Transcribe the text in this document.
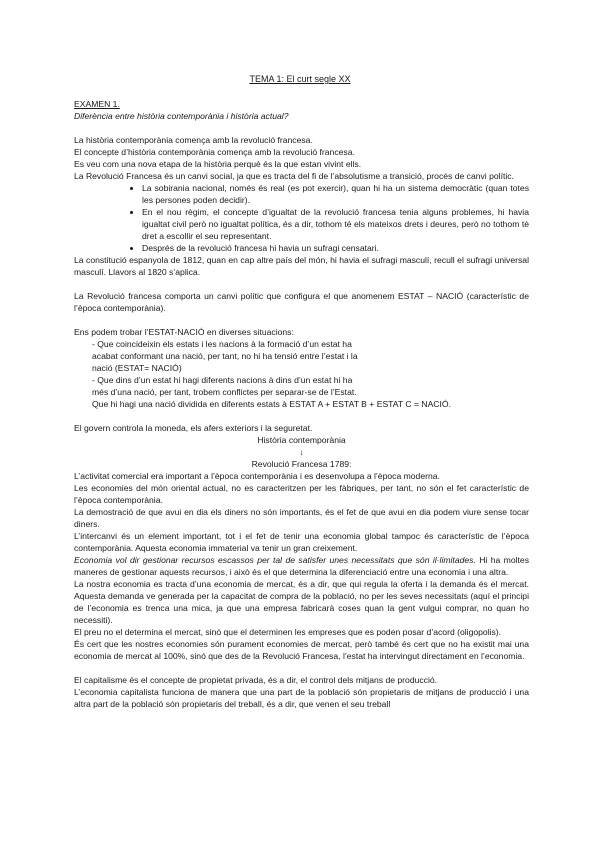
TEMA 1: El curt segle XX

EXAMEN 1.

Diferència entre història contemporània i història actual?

La història contemporània comença amb la revolució francesa.

El concepte d’història contemporània comença amb la revolució francesa.

Es veu com una nova etapa de la història perquè és la que estan vivint ells.

La Revolució Francesa és un canvi social, ja que es tracta del fi de l’absolutisme a transició, procés de canvi polític.

• La sobirania nacional, només és real (es pot exercir), quan hi ha un sistema democràtic (quan totes les persones poden decidir).
• En el nou règim, el concepte d’igualtat de la revolució francesa tenia alguns problemes, hi havia igualtat civil però no igualtat política, és a dir, tothom té els mateixos drets i deures, però no tothom tè dret a escollir el seu representant.
• Després de la revolució francesa hi havia un sufragi censatari.

La constitució espanyola de 1812, quan en cap altre país del món, hi havia el sufragi masculí, recull el sufragi universal masculí. Llavors al 1820 s’aplica.

La Revolució francesa comporta un canvi polític que configura el que anomenem ESTAT – NACIÓ (característic de l’època contemporània).

Ens podem trobar l’ESTAT-NACIÓ en diverses situacions:

- Que coincideixin els estats i les nacions à la formació d’un estat ha

acabat conformant una nació, per tant, no hi ha tensió entre l’estat i la

nació (ESTAT= NACIÓ)

- Que dins d’un estat hi hagi diferents nacions à dins d’un estat hi ha

més d’una nació, per tant, trobem conflictes per separar-se de l’Estat.

Que hi hagi una nació dividida en diferents estats à ESTAT A + ESTAT B + ESTAT C = NACIÓ.

El govern controla la moneda, els afers exteriors i la seguretat.

Història contemporània

↓

Revolució Francesa 1789:

L’activitat comercial era important a l’època contemporània i es desenvolupa a l’època moderna.

Les economies del món oriental actual, no es caracteritzen per les fàbriques, per tant, no són el fet característic de l’època contemporània.

La demostració de que avui en dia els diners no són importants, és el fet de que avui en dia podem viure sense tocar diners.

L’intercanvi és un element important, tot i el fet de tenir una economia global tampoc és característic de l’època contemporània. Aquesta economia immaterial va tenir un gran creixement.

Economia vol dir gestionar recursos escassos per tal de satisfer unes necessitats que són il·limitades. Hi ha moltes maneres de gestionar aquests recursos, i això és el que determina la diferenciació entre una economia i una altra.

La nostra economia es tracta d’una economia de mercat, és a dir, que qui regula la oferta i la demanda és el mercat. Aquesta demanda ve generada per la capacitat de compra de la població, no per les seves necessitats (aquí el principi de l’economia es trenca una mica, ja que una empresa fabricarà coses quan la gent vulgui comprar, no quan ho necessiti).

El preu no el determina el mercat, sinó que el determinen les empreses que es poden posar d’acord (oligopolis).

És cert que les nostres economies són purament economies de mercat, però també és cert que no ha existit mai una economia de mercat al 100%, sinó que des de la Revolució Francesa, l’estat ha intervingut directament en l’economia.

El capitalisme és el concepte de propietat privada, és a dir, el control dels mitjans de producció.

L’economia capitalista funciona de manera que una part de la població són propietaris de mitjans de producció i una altra part de la població són propietaris del treball, és a dir, que venen el seu treball
